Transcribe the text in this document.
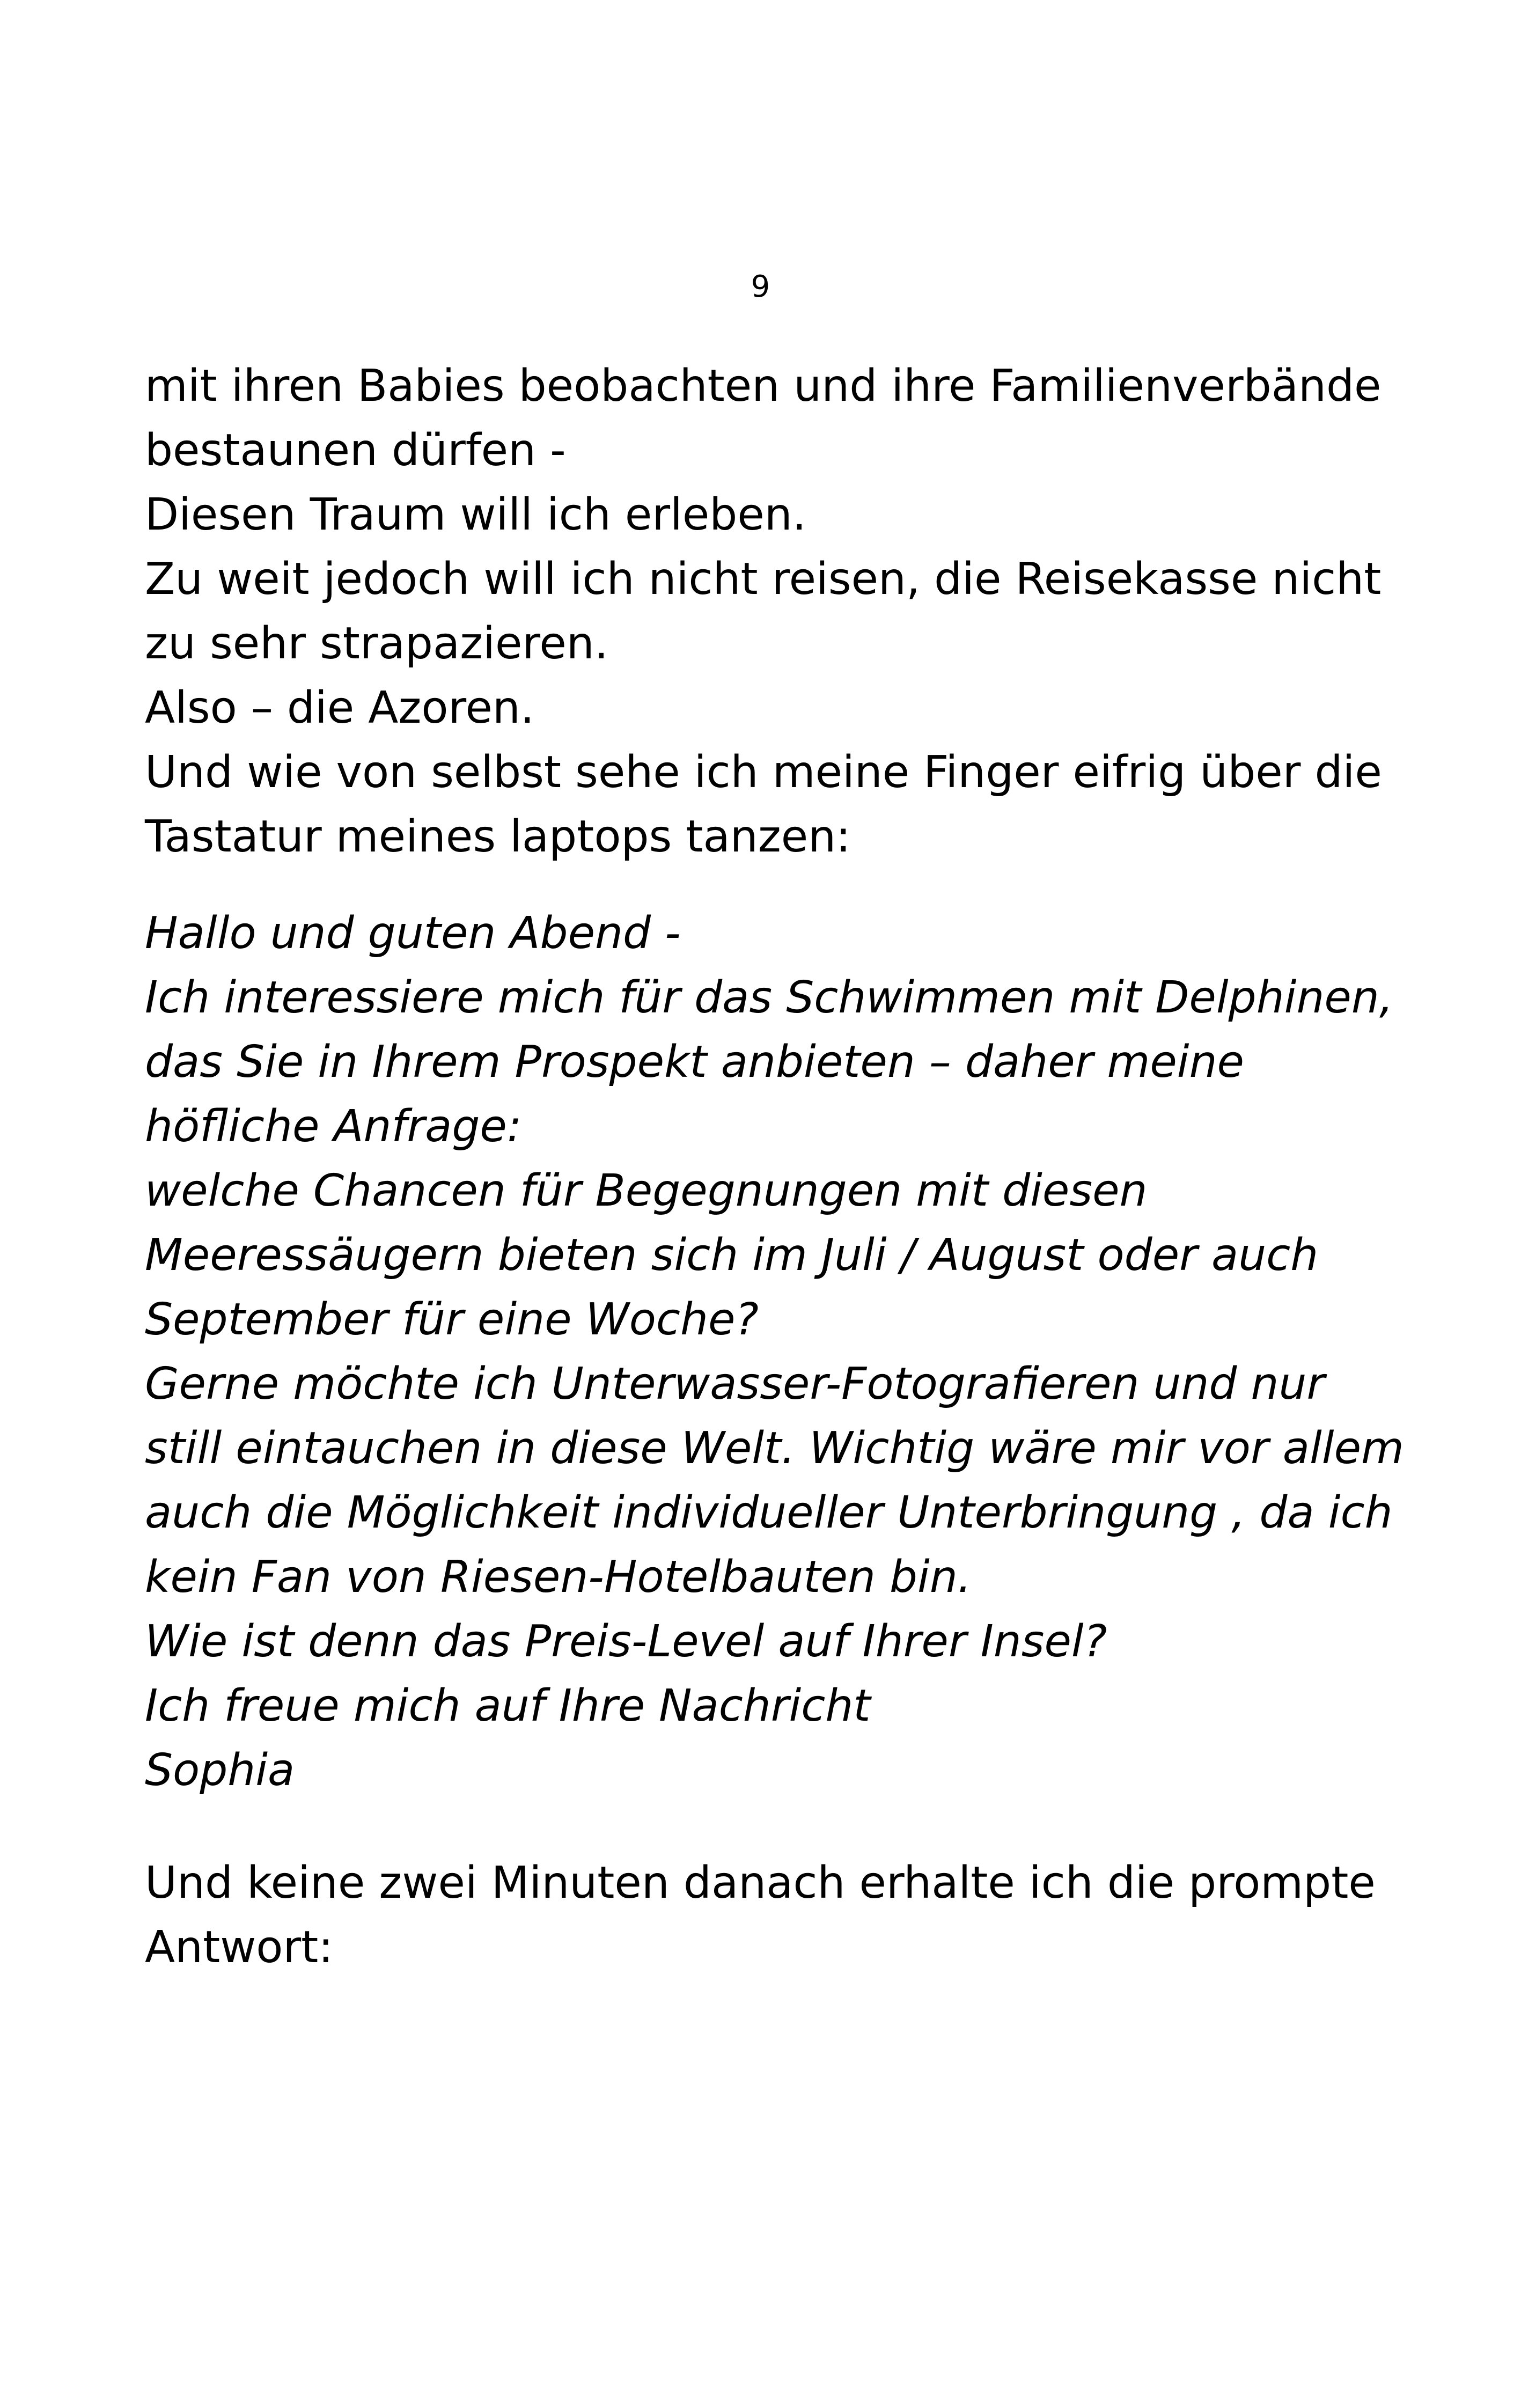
9
mit ihren Babies beobachten und ihre Familienverbände
bestaunen dürfen -
Diesen Traum will ich erleben.
Zu weit jedoch will ich nicht reisen, die Reisekasse nicht
zu sehr strapazieren.
Also – die Azoren.
Und wie von selbst sehe ich meine Finger eifrig über die
Tastatur meines laptops tanzen:
Hallo und guten Abend -
Ich interessiere mich für das Schwimmen mit Delphinen,
das Sie in Ihrem Prospekt anbieten – daher meine
höfliche Anfrage:
welche Chancen für Begegnungen mit diesen
Meeressäugern bieten sich im Juli / August oder auch
September für eine Woche?
Gerne möchte ich Unterwasser-Fotografieren und nur
still eintauchen in diese Welt. Wichtig wäre mir vor allem
auch die Möglichkeit individueller Unterbringung , da ich
kein Fan von Riesen-Hotelbauten bin.
Wie ist denn das Preis-Level auf Ihrer Insel?
Ich freue mich auf Ihre Nachricht
Sophia
Und keine zwei Minuten danach erhalte ich die prompte
Antwort:
